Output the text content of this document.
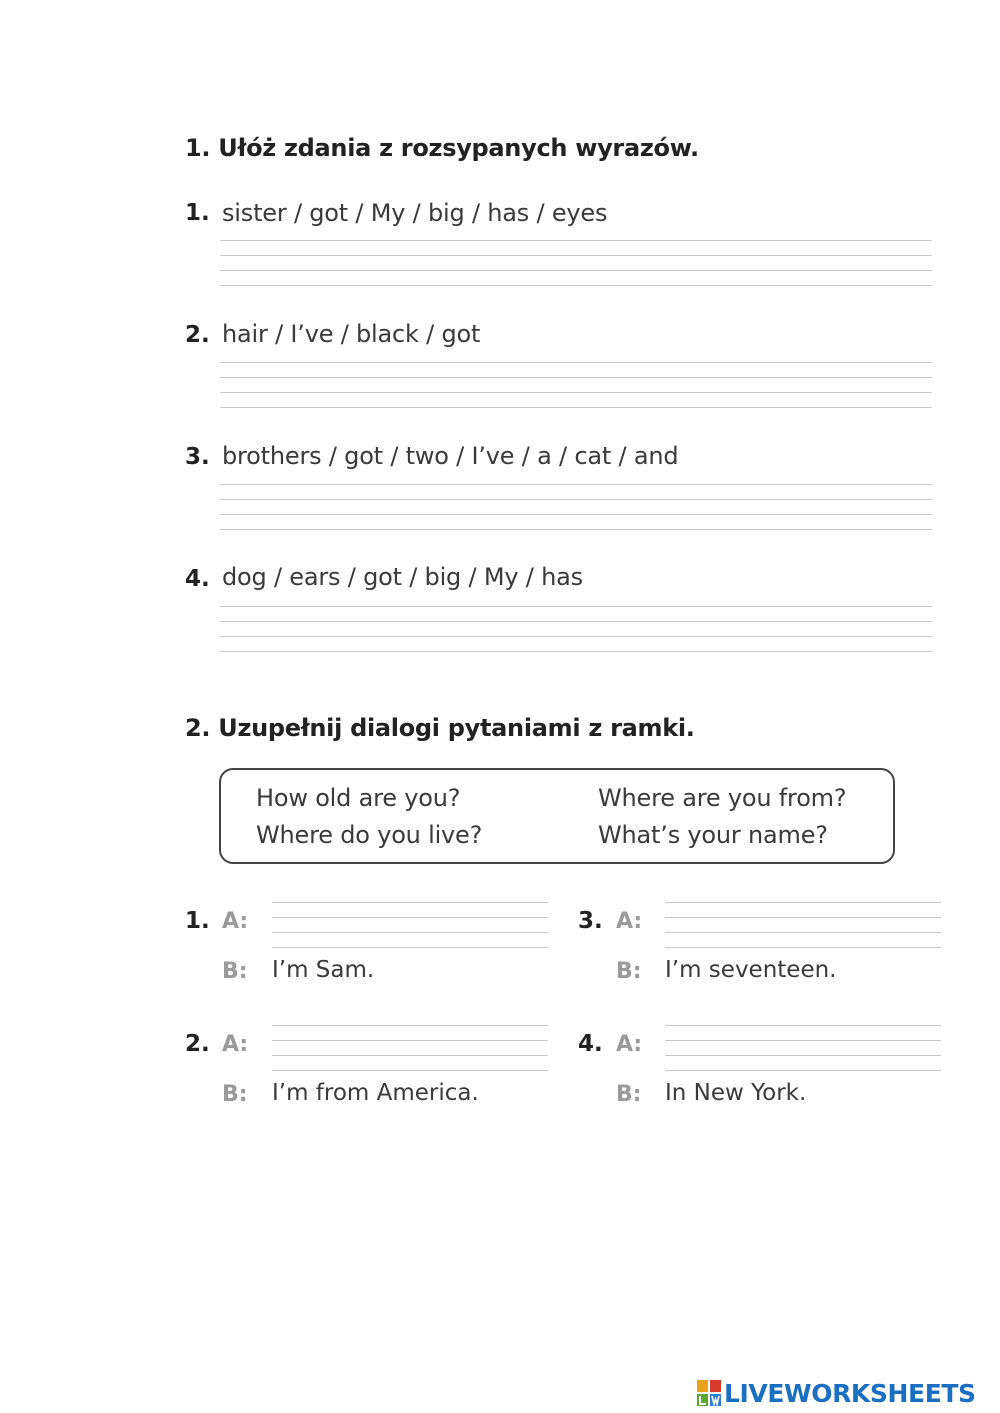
1. Ułóż zdania z rozsypanych wyrazów.
1. sister / got / My / big / has / eyes
2. hair / I’ve / black / got
3. brothers / got / two / I’ve / a / cat / and
4. dog / ears / got / big / My / has
2. Uzupełnij dialogi pytaniami z ramki.
How old are you?	Where are you from?
Where do you live?	What’s your name?
1. A:
B: I’m Sam.
2. A:
B: I’m from America.
3. A:
B: I’m seventeen.
4. A:
B: In New York.
LIVEWORKSHEETS
